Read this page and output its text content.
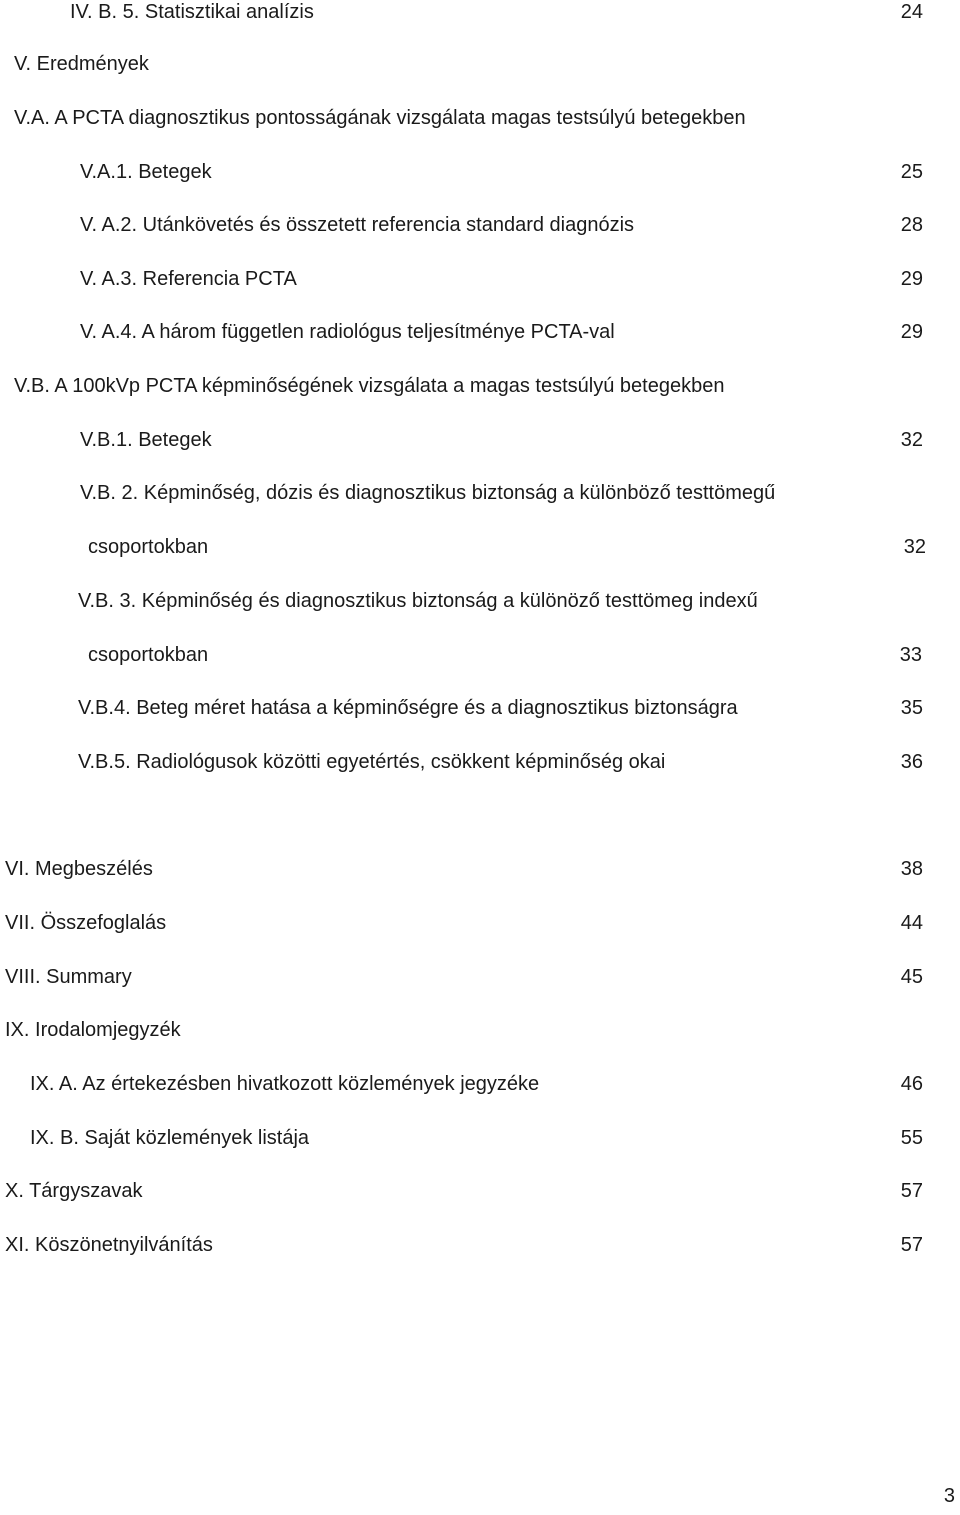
IV. B. 5. Statisztikai analízis	24
V. Eredmények
V.A. A PCTA diagnosztikus pontosságának vizsgálata magas testsúlyú betegekben
V.A.1. Betegek	25
V. A.2. Utánkövetés és összetett referencia standard diagnózis	28
V. A.3. Referencia PCTA	29
V. A.4. A három független radiológus teljesítménye PCTA-val	29
V.B. A 100kVp PCTA képminőségének vizsgálata a magas testsúlyú betegekben
V.B.1. Betegek	32
V.B. 2. Képminőség, dózis és diagnosztikus biztonság a különböző testtömegű
csoportokban	32
V.B. 3. Képminőség és diagnosztikus biztonság a különöző testtömeg indexű
csoportokban	33
V.B.4. Beteg méret hatása a képminőségre és a diagnosztikus biztonságra	35
V.B.5. Radiológusok közötti egyetértés, csökkent képminőség okai	36
VI. Megbeszélés	38
VII. Összefoglalás	44
VIII. Summary	45
IX. Irodalomjegyzék
IX. A. Az értekezésben hivatkozott közlemények jegyzéke	46
IX. B. Saját közlemények listája	55
X. Tárgyszavak	57
XI. Köszönetnyilvánítás	57
3
